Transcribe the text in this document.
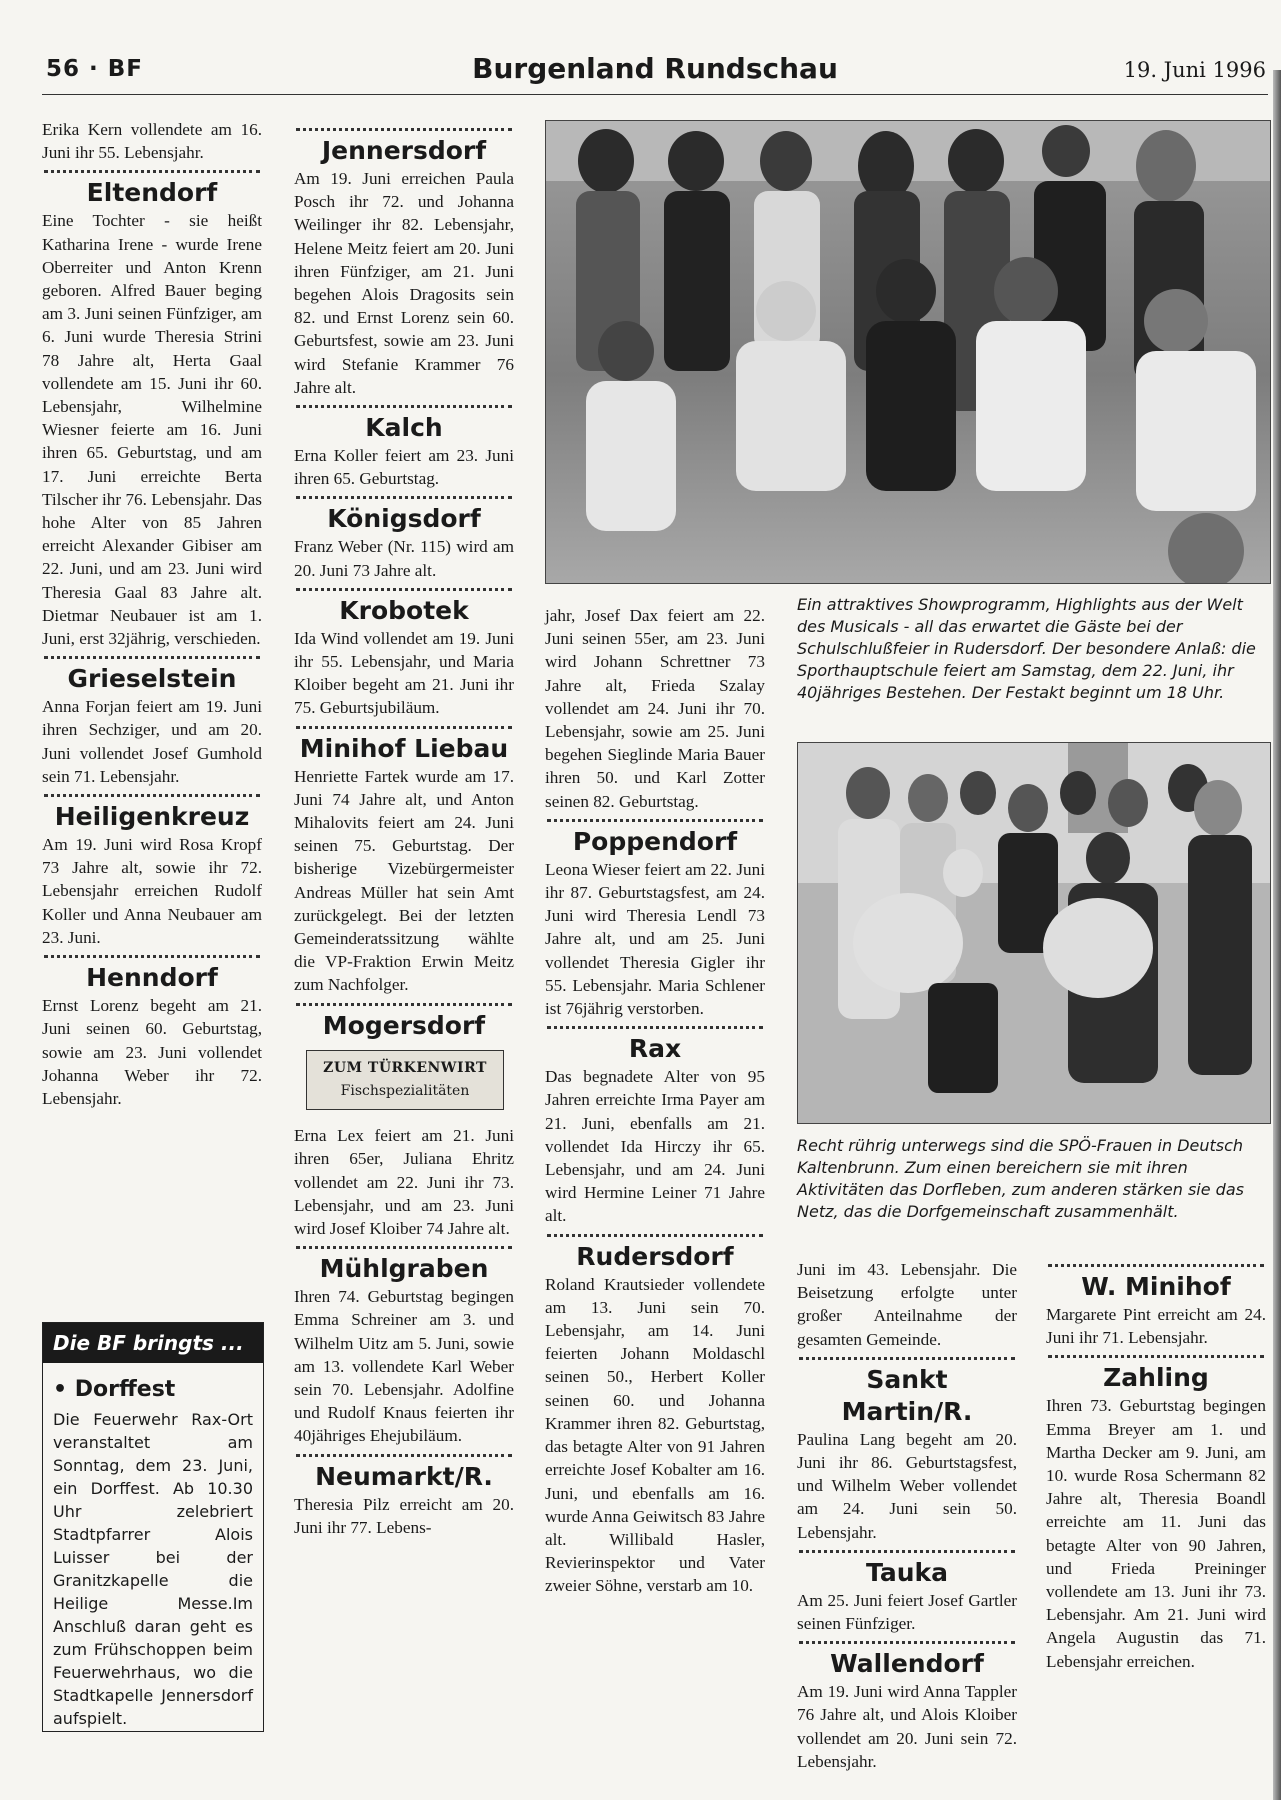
56 · BF	Burgenland Rundschau	19. Juni 1996

Erika Kern vollendete am 16. Juni ihr 55. Lebensjahr.

Eltendorf

Eine Tochter - sie heißt Katharina Irene - wurde Irene Oberreiter und Anton Krenn geboren. Alfred Bauer beging am 3. Juni seinen Fünfziger, am 6. Juni wurde Theresia Strini 78 Jahre alt, Herta Gaal vollendete am 15. Juni ihr 60. Lebensjahr, Wilhelmine Wiesner feierte am 16. Juni ihren 65. Geburtstag, und am 17. Juni erreichte Berta Tilscher ihr 76. Lebensjahr. Das hohe Alter von 85 Jahren erreicht Alexander Gibiser am 22. Juni, und am 23. Juni wird Theresia Gaal 83 Jahre alt. Dietmar Neubauer ist am 1. Juni, erst 32jährig, verschieden.

Grieselstein

Anna Forjan feiert am 19. Juni ihren Sechziger, und am 20. Juni vollendet Josef Gumhold sein 71. Lebensjahr.

Heiligenkreuz

Am 19. Juni wird Rosa Kropf 73 Jahre alt, sowie ihr 72. Lebensjahr erreichen Rudolf Koller und Anna Neubauer am 23. Juni.

Henndorf

Ernst Lorenz begeht am 21. Juni seinen 60. Geburtstag, sowie am 23. Juni vollendet Johanna Weber ihr 72. Lebensjahr.

Die BF bringts ...
• Dorffest
Die Feuerwehr Rax-Ort veranstaltet am Sonntag, dem 23. Juni, ein Dorffest. Ab 10.30 Uhr zelebriert Stadtpfarrer Alois Luisser bei der Granitzkapelle die Heilige Messe.Im Anschluß daran geht es zum Frühschoppen beim Feuerwehrhaus, wo die Stadtkapelle Jennersdorf aufspielt.
Jennersdorf

Am 19. Juni erreichen Paula Posch ihr 72. und Johanna Weilinger ihr 82. Lebensjahr, Helene Meitz feiert am 20. Juni ihren Fünfziger, am 21. Juni begehen Alois Dragosits sein 82. und Ernst Lorenz sein 60. Geburtsfest, sowie am 23. Juni wird Stefanie Krammer 76 Jahre alt.

Kalch

Erna Koller feiert am 23. Juni ihren 65. Geburtstag.

Königsdorf

Franz Weber (Nr. 115) wird am 20. Juni 73 Jahre alt.

Krobotek

Ida Wind vollendet am 19. Juni ihr 55. Lebensjahr, und Maria Kloiber begeht am 21. Juni ihr 75. Geburtsjubiläum.

Minihof Liebau

Henriette Fartek wurde am 17. Juni 74 Jahre alt, und Anton Mihalovits feiert am 24. Juni seinen 75. Geburtstag. Der bisherige Vizebürgermeister Andreas Müller hat sein Amt zurückgelegt. Bei der letzten Gemeinderatssitzung wählte die VP-Fraktion Erwin Meitz zum Nachfolger.

Mogersdorf
ZUM TÜRKENWIRT
Fischspezialitäten

Erna Lex feiert am 21. Juni ihren 65er, Juliana Ehritz vollendet am 22. Juni ihr 73. Lebensjahr, und am 23. Juni wird Josef Kloiber 74 Jahre alt.

Mühlgraben

Ihren 74. Geburtstag begingen Emma Schreiner am 3. und Wilhelm Uitz am 5. Juni, sowie am 13. vollendete Karl Weber sein 70. Lebensjahr. Adolfine und Rudolf Knaus feierten ihr 40jähriges Ehejubiläum.

Neumarkt/R.

Theresia Pilz erreicht am 20. Juni ihr 77. Lebens-

Ein attraktives Showprogramm, Highlights aus der Welt des Musicals - all das erwartet die Gäste bei der Schulschlußfeier in Rudersdorf. Der besondere Anlaß: die Sporthauptschule feiert am Samstag, dem 22. Juni, ihr 40jähriges Bestehen. Der Festakt beginnt um 18 Uhr.
Recht rührig unterwegs sind die SPÖ-Frauen in Deutsch Kaltenbrunn. Zum einen bereichern sie mit ihren Aktivitäten das Dorfleben, zum anderen stärken sie das Netz, das die Dorfgemeinschaft zusammenhält.

jahr, Josef Dax feiert am 22. Juni seinen 55er, am 23. Juni wird Johann Schrettner 73 Jahre alt, Frieda Szalay vollendet am 24. Juni ihr 70. Lebensjahr, sowie am 25. Juni begehen Sieglinde Maria Bauer ihren 50. und Karl Zotter seinen 82. Geburtstag.

Poppendorf

Leona Wieser feiert am 22. Juni ihr 87. Geburtstagsfest, am 24. Juni wird Theresia Lendl 73 Jahre alt, und am 25. Juni vollendet Theresia Gigler ihr 55. Lebensjahr. Maria Schlener ist 76jährig verstorben.

Rax

Das begnadete Alter von 95 Jahren erreichte Irma Payer am 21. Juni, ebenfalls am 21. vollendet Ida Hirczy ihr 65. Lebensjahr, und am 24. Juni wird Hermine Leiner 71 Jahre alt.

Rudersdorf

Roland Krautsieder vollendete am 13. Juni sein 70. Lebensjahr, am 14. Juni feierten Johann Moldaschl seinen 50., Herbert Koller seinen 60. und Johanna Krammer ihren 82. Geburtstag, das betagte Alter von 91 Jahren erreichte Josef Kobalter am 16. Juni, und ebenfalls am 16. wurde Anna Geiwitsch 83 Jahre alt. Willibald Hasler, Revierinspektor und Vater zweier Söhne, verstarb am 10.

Juni im 43. Lebensjahr. Die Beisetzung erfolgte unter großer Anteilnahme der gesamten Gemeinde.

Sankt Martin/R.

Paulina Lang begeht am 20. Juni ihr 86. Geburtstagsfest, und Wilhelm Weber vollendet am 24. Juni sein 50. Lebensjahr.

Tauka

Am 25. Juni feiert Josef Gartler seinen Fünfziger.

Wallendorf

Am 19. Juni wird Anna Tappler 76 Jahre alt, und Alois Kloiber vollendet am 20. Juni sein 72. Lebensjahr.

W. Minihof

Margarete Pint erreicht am 24. Juni ihr 71. Lebensjahr.

Zahling

Ihren 73. Geburtstag begingen Emma Breyer am 1. und Martha Decker am 9. Juni, am 10. wurde Rosa Schermann 82 Jahre alt, Theresia Boandl erreichte am 11. Juni das betagte Alter von 90 Jahren, und Frieda Preininger vollendete am 13. Juni ihr 73. Lebensjahr. Am 21. Juni wird Angela Augustin das 71. Lebensjahr erreichen.
